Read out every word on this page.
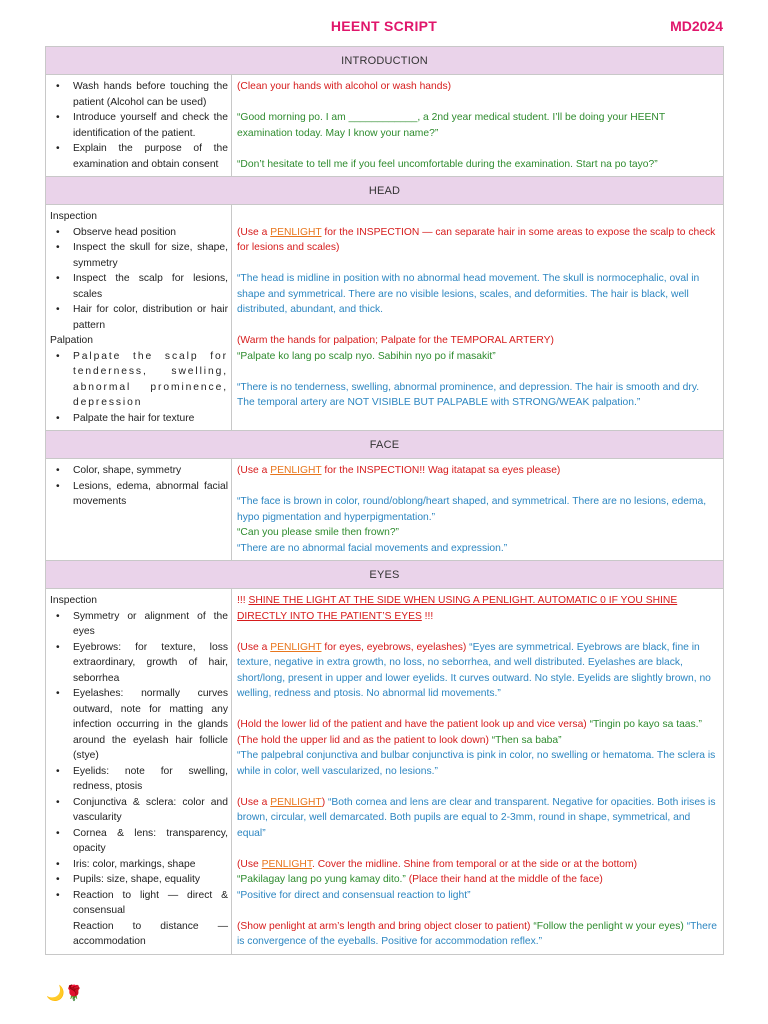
HEENT SCRIPT	MD2024
INTRODUCTION
• Wash hands before touching the patient (Alcohol can be used)
• Introduce yourself and check the identification of the patient.
• Explain the purpose of the examination and obtain consent
(Clean your hands with alcohol or wash hands)
“Good morning po. I am ____________, a 2nd year medical student. I’ll be doing your HEENT examination today. May I know your name?”
“Don’t hesitate to tell me if you feel uncomfortable during the examination. Start na po tayo?”
HEAD
Inspection
• Observe head position
• Inspect the skull for size, shape, symmetry
• Inspect the scalp for lesions, scales
• Hair for color, distribution or hair pattern
Palpation
• Palpate the scalp for tenderness, swelling, abnormal prominence, depression
• Palpate the hair for texture
(Use a PENLIGHT for the INSPECTION — can separate hair in some areas to expose the scalp to check for lesions and scales)
“The head is midline in position with no abnormal head movement. The skull is normocephalic, oval in shape and symmetrical. There are no visible lesions, scales, and deformities. The hair is black, well distributed, abundant, and thick.
(Warm the hands for palpation; Palpate for the TEMPORAL ARTERY)
“Palpate ko lang po scalp nyo. Sabihin nyo po if masakit”
“There is no tenderness, swelling, abnormal prominence, and depression. The hair is smooth and dry. The temporal artery are NOT VISIBLE BUT PALPABLE with STRONG/WEAK palpation.”
FACE
• Color, shape, symmetry
• Lesions, edema, abnormal facial movements
(Use a PENLIGHT for the INSPECTION!! Wag itatapat sa eyes please)
“The face is brown in color, round/oblong/heart shaped, and symmetrical. There are no lesions, edema, hypo pigmentation and hyperpigmentation.”
“Can you please smile then frown?”
“There are no abnormal facial movements and expression.”
EYES
Inspection
• Symmetry or alignment of the eyes
• Eyebrows: for texture, loss extraordinary, growth of hair, seborrhea
• Eyelashes: normally curves outward, note for matting any infection occurring in the glands around the eyelash hair follicle (stye)
• Eyelids: note for swelling, redness, ptosis
• Conjunctiva & sclera: color and vascularity
• Cornea & lens: transparency, opacity
• Iris: color, markings, shape
• Pupils: size, shape, equality
• Reaction to light — direct & consensual
Reaction to distance — accommodation
!!! SHINE THE LIGHT AT THE SIDE WHEN USING A PENLIGHT. AUTOMATIC 0 IF YOU SHINE DIRECTLY INTO THE PATIENT’S EYES !!!
(Use a PENLIGHT for eyes, eyebrows, eyelashes) “Eyes are symmetrical. Eyebrows are black, fine in texture, negative in extra growth, no loss, no seborrhea, and well distributed. Eyelashes are black, short/long, present in upper and lower eyelids. It curves outward. No style. Eyelids are slightly brown, no welling, redness and ptosis. No abnormal lid movements.”
(Hold the lower lid of the patient and have the patient look up and vice versa) “Tingin po kayo sa taas.” (The hold the upper lid and as the patient to look down) “Then sa baba”
“The palpebral conjunctiva and bulbar conjunctiva is pink in color, no swelling or hematoma. The sclera is while in color, well vascularized, no lesions.”
(Use a PENLIGHT) “Both cornea and lens are clear and transparent. Negative for opacities. Both irises is brown, circular, well demarcated. Both pupils are equal to 2-3mm, round in shape, symmetrical, and equal”
(Use PENLIGHT. Cover the midline. Shine from temporal or at the side or at the bottom)
“Pakilagay lang po yung kamay dito.” (Place their hand at the middle of the face)
“Positive for direct and consensual reaction to light”
(Show penlight at arm’s length and bring object closer to patient) “Follow the penlight w your eyes) “There is convergence of the eyeballs. Positive for accommodation reflex.”
🌙🌹
